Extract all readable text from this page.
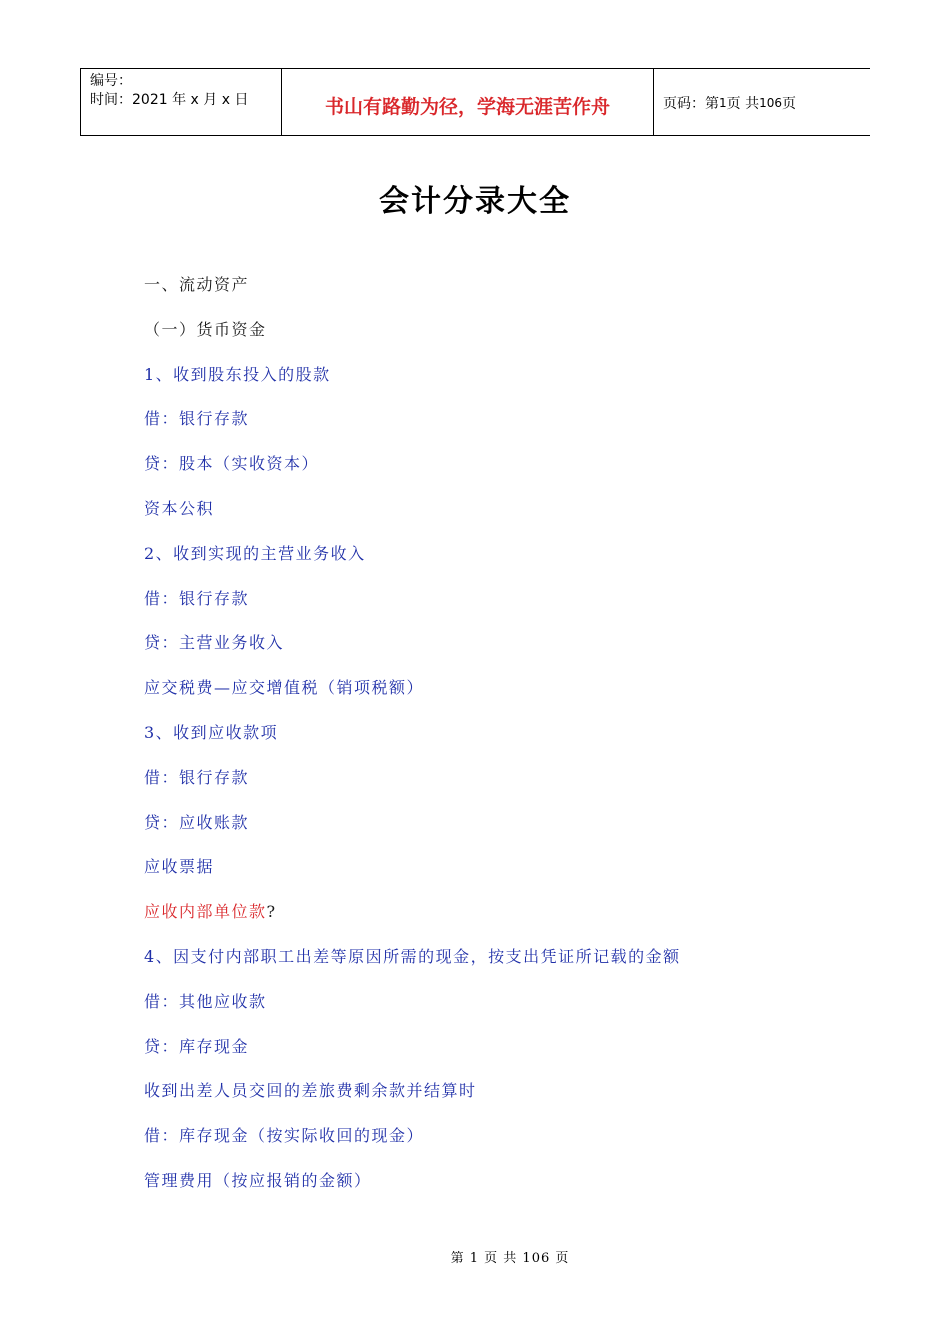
编号：
时间：2021 年 x 月 x 日	书山有路勤为径，学海无涯苦作舟	页码：第 1 页 共 106 页
会计分录大全
一、流动资产
（一）货币资金
1、收到股东投入的股款
借：银行存款
贷：股本（实收资本）
资本公积
2、收到实现的主营业务收入
借：银行存款
贷：主营业务收入
应交税费—应交增值税（销项税额）
3、收到应收款项
借：银行存款
贷：应收账款
应收票据
应收内部单位款?
4、因支付内部职工出差等原因所需的现金，按支出凭证所记载的金额
借：其他应收款
贷：库存现金
收到出差人员交回的差旅费剩余款并结算时
借：库存现金（按实际收回的现金）
管理费用（按应报销的金额）
第 1 页 共 106 页
